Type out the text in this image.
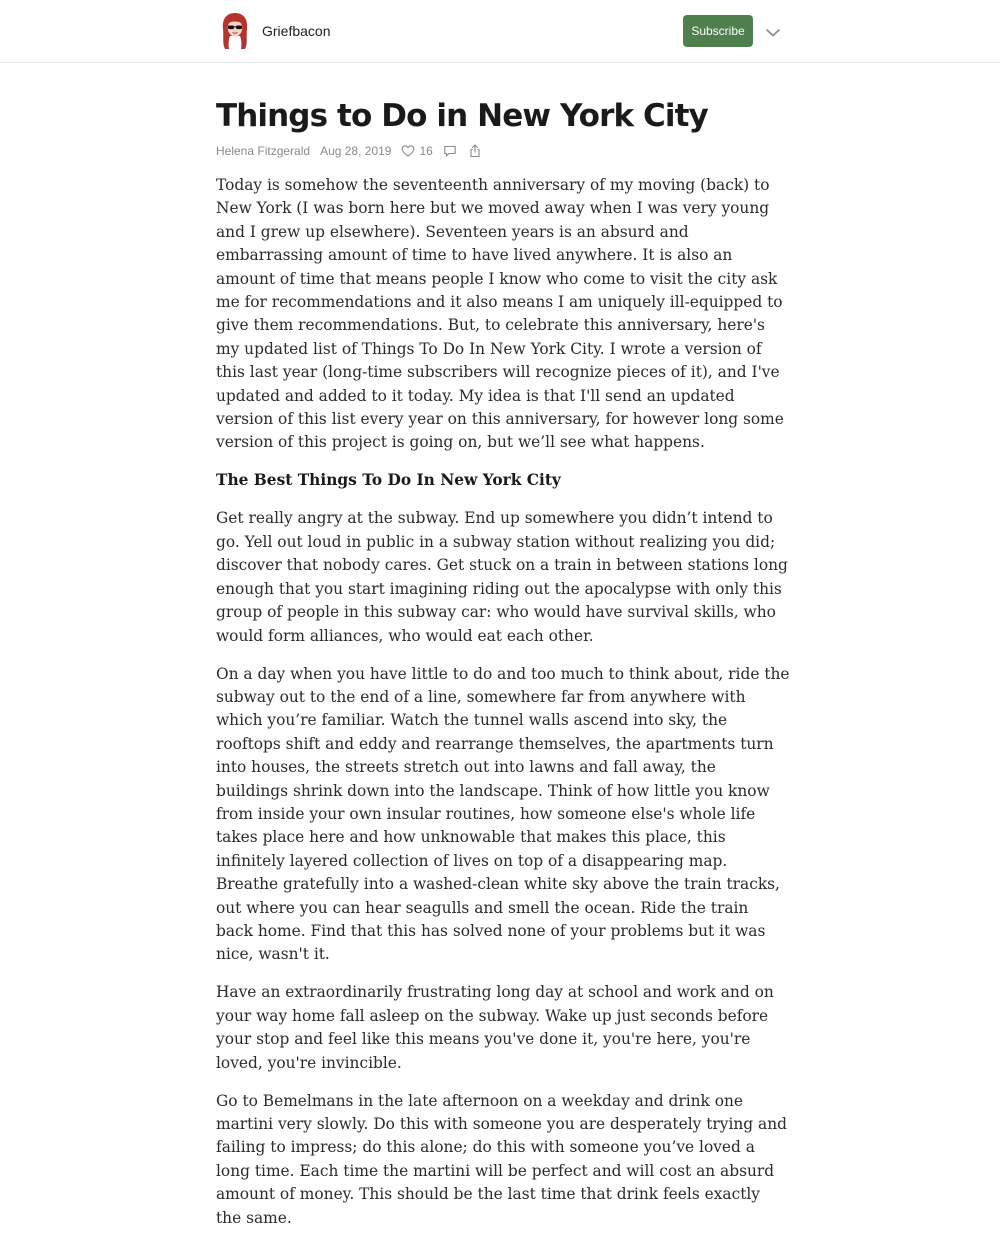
Griefbacon	Subscribe
Things to Do in New York City
Helena Fitzgerald Aug 28, 2019 16

Today is somehow the seventeenth anniversary of my moving (back) to New York (I was born here but we moved away when I was very young and I grew up elsewhere). Seventeen years is an absurd and embarrassing amount of time to have lived anywhere. It is also an amount of time that means people I know who come to visit the city ask me for recommendations and it also means I am uniquely ill-equipped to give them recommendations. But, to celebrate this anniversary, here's my updated list of Things To Do In New York City. I wrote a version of this last year (long-time subscribers will recognize pieces of it), and I've updated and added to it today. My idea is that I'll send an updated version of this list every year on this anniversary, for however long some version of this project is going on, but we’ll see what happens.

The Best Things To Do In New York City

Get really angry at the subway. End up somewhere you didn’t intend to go. Yell out loud in public in a subway station without realizing you did; discover that nobody cares. Get stuck on a train in between stations long enough that you start imagining riding out the apocalypse with only this group of people in this subway car: who would have survival skills, who would form alliances, who would eat each other.

On a day when you have little to do and too much to think about, ride the subway out to the end of a line, somewhere far from anywhere with which you’re familiar. Watch the tunnel walls ascend into sky, the rooftops shift and eddy and rearrange themselves, the apartments turn into houses, the streets stretch out into lawns and fall away, the buildings shrink down into the landscape. Think of how little you know from inside your own insular routines, how someone else's whole life takes place here and how unknowable that makes this place, this infinitely layered collection of lives on top of a disappearing map. Breathe gratefully into a washed-clean white sky above the train tracks, out where you can hear seagulls and smell the ocean. Ride the train back home. Find that this has solved none of your problems but it was nice, wasn't it.

Have an extraordinarily frustrating long day at school and work and on your way home fall asleep on the subway. Wake up just seconds before your stop and feel like this means you've done it, you're here, you're loved, you're invincible.

Go to Bemelmans in the late afternoon on a weekday and drink one martini very slowly. Do this with someone you are desperately trying and failing to impress; do this alone; do this with someone you’ve loved a long time. Each time the martini will be perfect and will cost an absurd amount of money. This should be the last time that drink feels exactly the same.
